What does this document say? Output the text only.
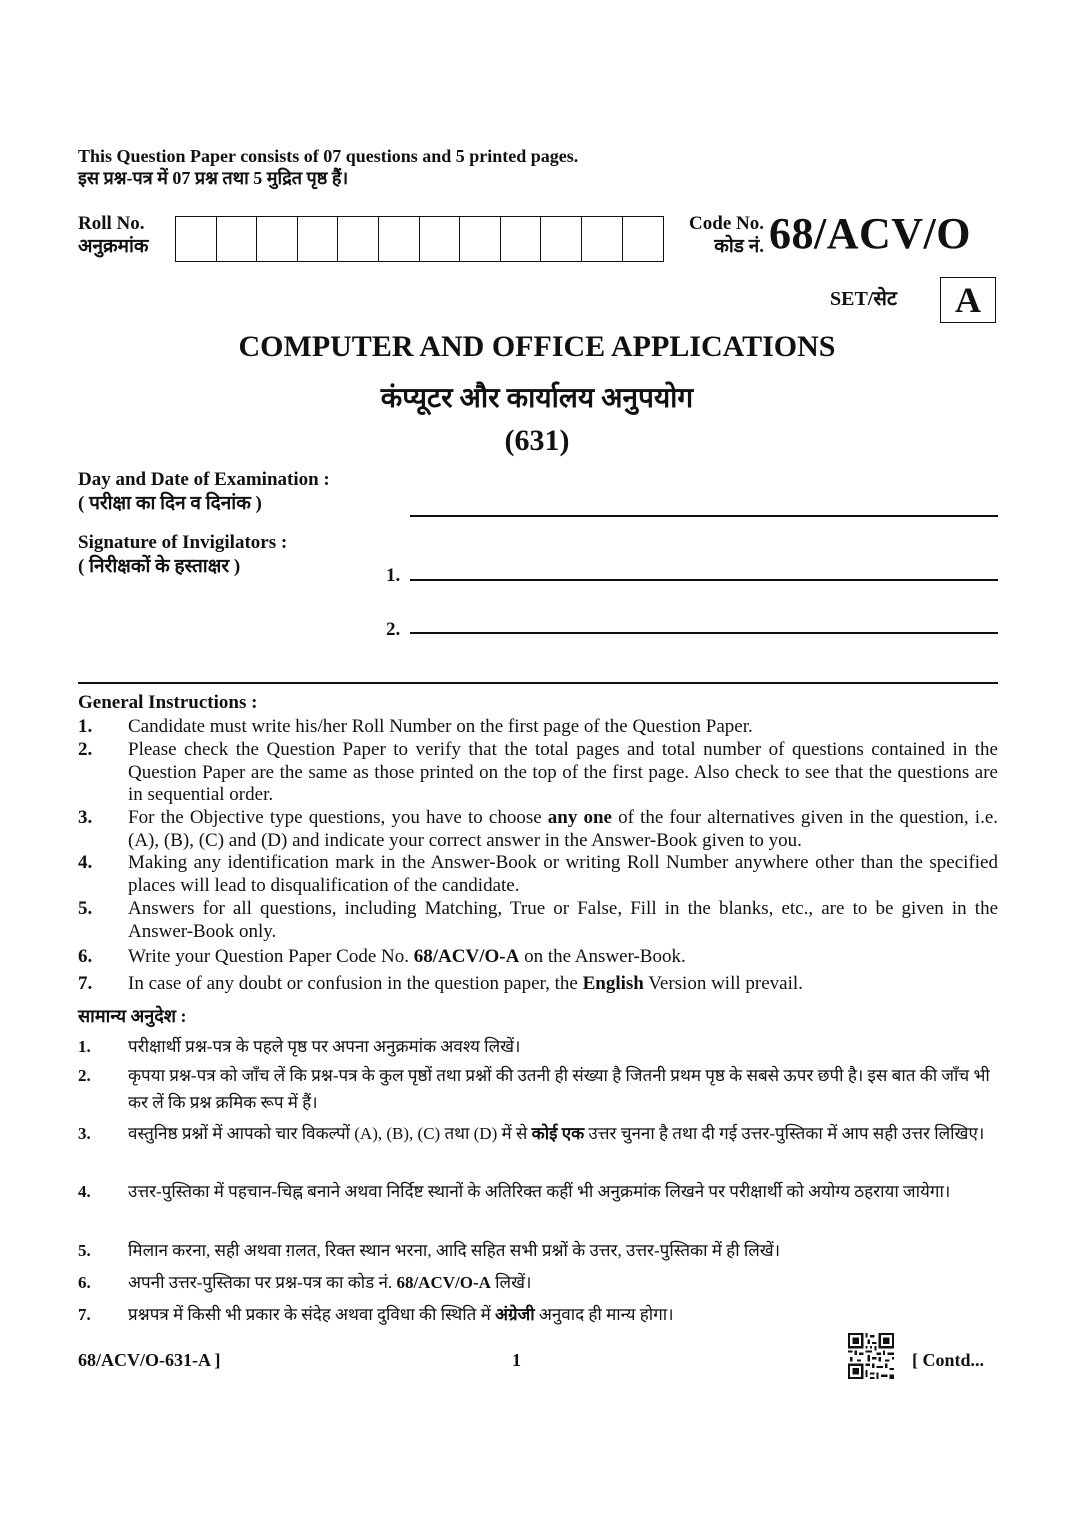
This Question Paper consists of 07 questions and 5 printed pages.
इस प्रश्न-पत्र में 07 प्रश्न तथा 5 मुद्रित पृष्ठ हैं।
Roll No.
अनुक्रमांक
Code No.
कोड नं. 68/ACV/O
SET/सेट	A
COMPUTER AND OFFICE APPLICATIONS
कंप्यूटर और कार्यालय अनुपयोग
(631)
Day and Date of Examination :
( परीक्षा का दिन व दिनांक )
Signature of Invigilators :
( निरीक्षकों के हस्ताक्षर )	1.
2.
General Instructions :
1.	Candidate must write his/her Roll Number on the first page of the Question Paper.
2.	Please check the Question Paper to verify that the total pages and total number of questions contained in the Question Paper are the same as those printed on the top of the first page. Also check to see that the questions are in sequential order.
3.	For the Objective type questions, you have to choose any one of the four alternatives given in the question, i.e. (A), (B), (C) and (D) and indicate your correct answer in the Answer-Book given to you.
4.	Making any identification mark in the Answer-Book or writing Roll Number anywhere other than the specified places will lead to disqualification of the candidate.
5.	Answers for all questions, including Matching, True or False, Fill in the blanks, etc., are to be given in the Answer-Book only.
6.	Write your Question Paper Code No. 68/ACV/O-A on the Answer-Book.
7.	In case of any doubt or confusion in the question paper, the English Version will prevail.
सामान्य अनुदेश :
1.	परीक्षार्थी प्रश्न-पत्र के पहले पृष्ठ पर अपना अनुक्रमांक अवश्य लिखें।
2.	कृपया प्रश्न-पत्र को जाँच लें कि प्रश्न-पत्र के कुल पृष्ठों तथा प्रश्नों की उतनी ही संख्या है जितनी प्रथम पृष्ठ के सबसे ऊपर छपी है। इस बात की जाँच भी कर लें कि प्रश्न क्रमिक रूप में हैं।
3.	वस्तुनिष्ठ प्रश्नों में आपको चार विकल्पों (A), (B), (C) तथा (D) में से कोई एक उत्तर चुनना है तथा दी गई उत्तर-पुस्तिका में आप सही उत्तर लिखिए।
4.	उत्तर-पुस्तिका में पहचान-चिह्न बनाने अथवा निर्दिष्ट स्थानों के अतिरिक्त कहीं भी अनुक्रमांक लिखने पर परीक्षार्थी को अयोग्य ठहराया जायेगा।
5.	मिलान करना, सही अथवा ग़लत, रिक्त स्थान भरना, आदि सहित सभी प्रश्नों के उत्तर, उत्तर-पुस्तिका में ही लिखें।
6.	अपनी उत्तर-पुस्तिका पर प्रश्न-पत्र का कोड नं. 68/ACV/O-A लिखें।
7.	प्रश्नपत्र में किसी भी प्रकार के संदेह अथवा दुविधा की स्थिति में अंग्रेजी अनुवाद ही मान्य होगा।
68/ACV/O-631-A ]	1	[ Contd...
